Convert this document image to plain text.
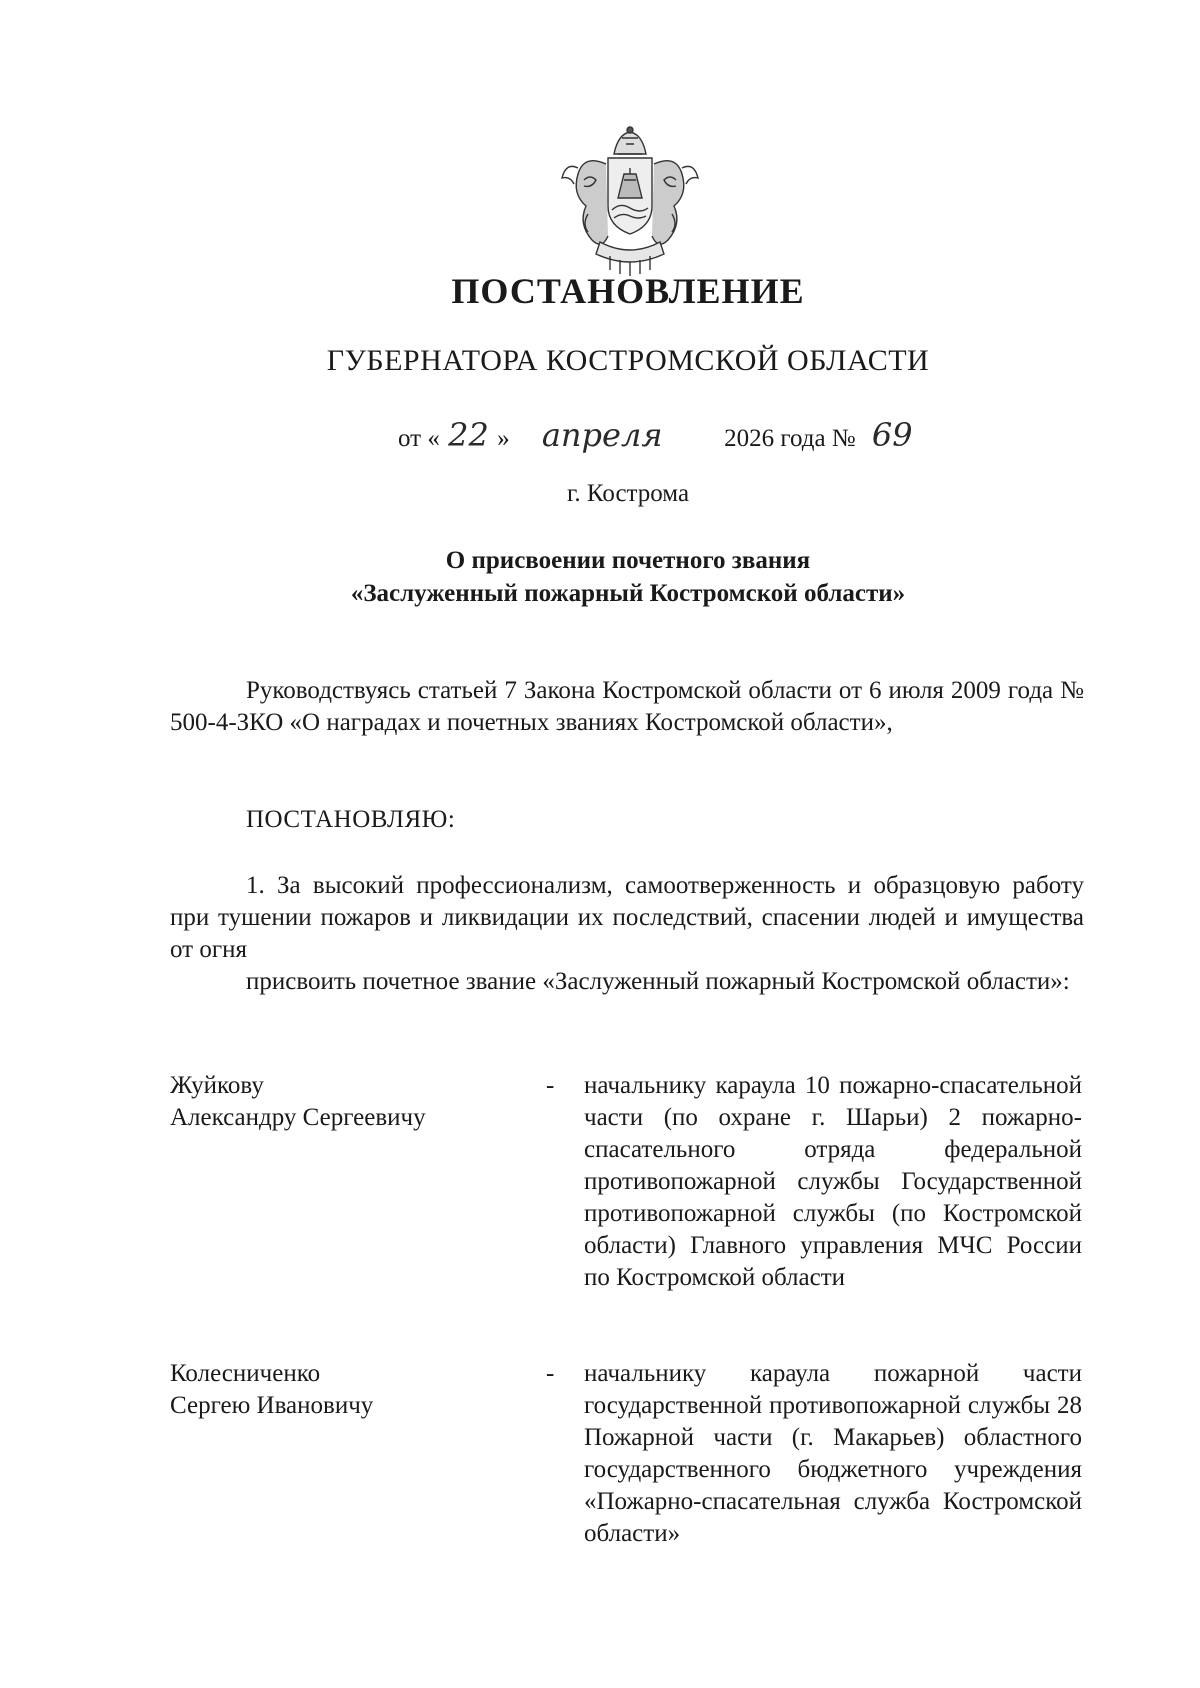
ПОСТАНОВЛЕНИЕ
ГУБЕРНАТОРА КОСТРОМСКОЙ ОБЛАСТИ
от « 22 » апреля 2026 года № 69
г. Кострома
О присвоении почетного звания
«Заслуженный пожарный Костромской области»
Руководствуясь статьей 7 Закона Костромской области от 6 июля 2009 года № 500-4-ЗКО «О наградах и почетных званиях Костромской области»,
ПОСТАНОВЛЯЮ:
1. За высокий профессионализм, самоотверженность и образцовую работу при тушении пожаров и ликвидации их последствий, спасении людей и имущества от огня
присвоить почетное звание «Заслуженный пожарный Костромской области»:
Жуйкову
Александру Сергеевичу
- начальнику караула 10 пожарно-спасательной части (по охране г. Шарьи) 2 пожарно-спасательного отряда федеральной противопожарной службы Государственной противопожарной службы (по Костромской области) Главного управления МЧС России по Костромской области
Колесниченко
Сергею Ивановичу
- начальнику караула пожарной части государственной противопожарной службы 28 Пожарной части (г. Макарьев) областного государственного бюджетного учреждения «Пожарно-спасательная служба Костромской области»
